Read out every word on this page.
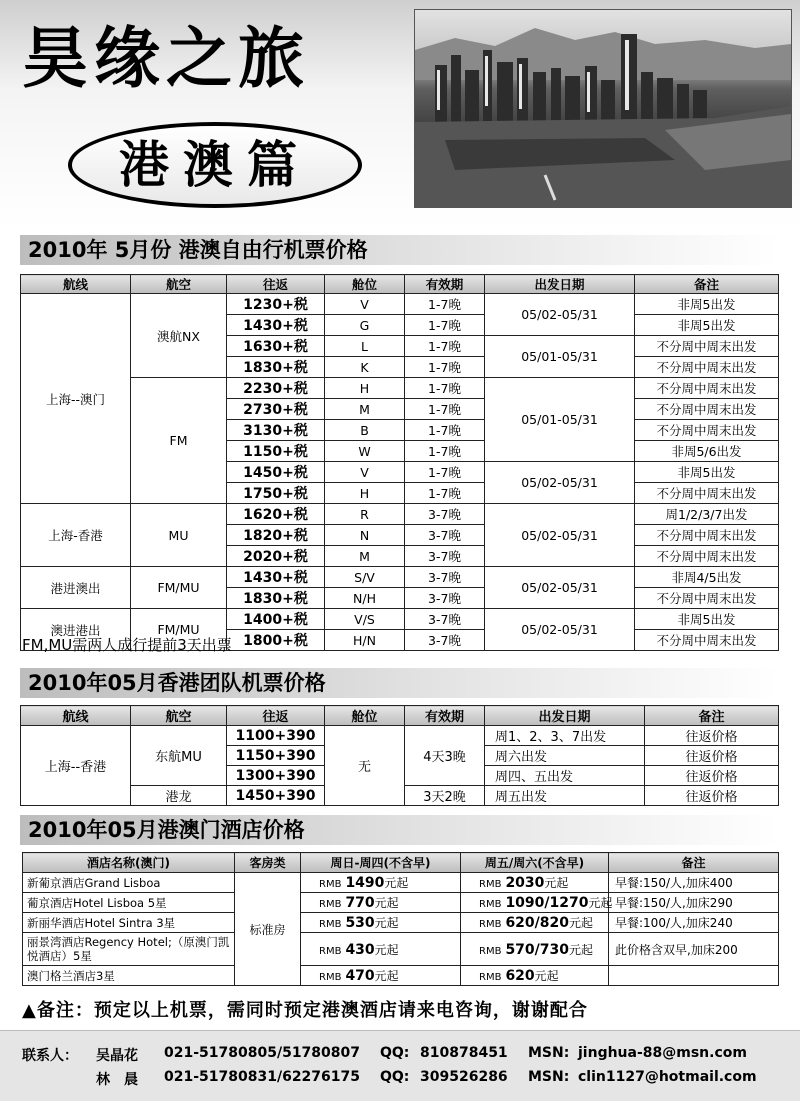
昊缘之旅
港澳篇
2010年 5月份 港澳自由行机票价格
航线	航空	往返	舱位	有效期	出发日期	备注
上海--澳门	澳航NX	1230+税	V	1-7晚	05/02-05/31	非周5出发
		1430+税	G	1-7晚		非周5出发
		1630+税	L	1-7晚	05/01-05/31	不分周中周末出发
		1830+税	K	1-7晚		不分周中周末出发
	FM	2230+税	H	1-7晚	05/01-05/31	不分周中周末出发
		2730+税	M	1-7晚		不分周中周末出发
		3130+税	B	1-7晚		不分周中周末出发
		1150+税	W	1-7晚		非周5/6出发
		1450+税	V	1-7晚	05/02-05/31	非周5出发
		1750+税	H	1-7晚		不分周中周末出发
上海-香港	MU	1620+税	R	3-7晚	05/02-05/31	周1/2/3/7出发
		1820+税	N	3-7晚		不分周中周末出发
		2020+税	M	3-7晚		不分周中周末出发
港进澳出	FM/MU	1430+税	S/V	3-7晚	05/02-05/31	非周4/5出发
		1830+税	N/H	3-7晚		不分周中周末出发
澳进港出	FM/MU	1400+税	V/S	3-7晚	05/02-05/31	非周5出发
		1800+税	H/N	3-7晚		不分周中周末出发
FM,MU需两人成行提前3天出票
2010年05月香港团队机票价格
航线	航空	往返	舱位	有效期	出发日期	备注
上海--香港	东航MU	1100+390	无	4天3晚	周1、2、3、7出发	往返价格
		1150+390			周六出发	往返价格
		1300+390			周四、五出发	往返价格
	港龙	1450+390		3天2晚	周五出发	往返价格
2010年05月港澳门酒店价格
酒店名称(澳门)	客房类	周日-周四(不含早)	周五/周六(不含早)	备注
新葡京酒店Grand Lisboa	标准房	RMB 1490元起	RMB 2030元起	早餐:150/人,加床400
葡京酒店Hotel Lisboa 5星		RMB 770元起	RMB 1090/1270元起	早餐:150/人,加床290
新丽华酒店Hotel Sintra 3星		RMB 530元起	RMB 620/820元起	早餐:100/人,加床240
丽景湾酒店Regency Hotel;（原澳门凯悦酒店）5星		RMB 430元起	RMB 570/730元起	此价格含双早,加床200
澳门格兰酒店3星		RMB 470元起	RMB 620元起	
▲备注：预定以上机票，需同时预定港澳酒店请来电咨询，谢谢配合
联系人： 吴晶花 021-51780805/51780807 QQ: 810878451 MSN: jinghua-88@msn.com
林　晨 021-51780831/62276175 QQ: 309526286 MSN: clin1127@hotmail.com
